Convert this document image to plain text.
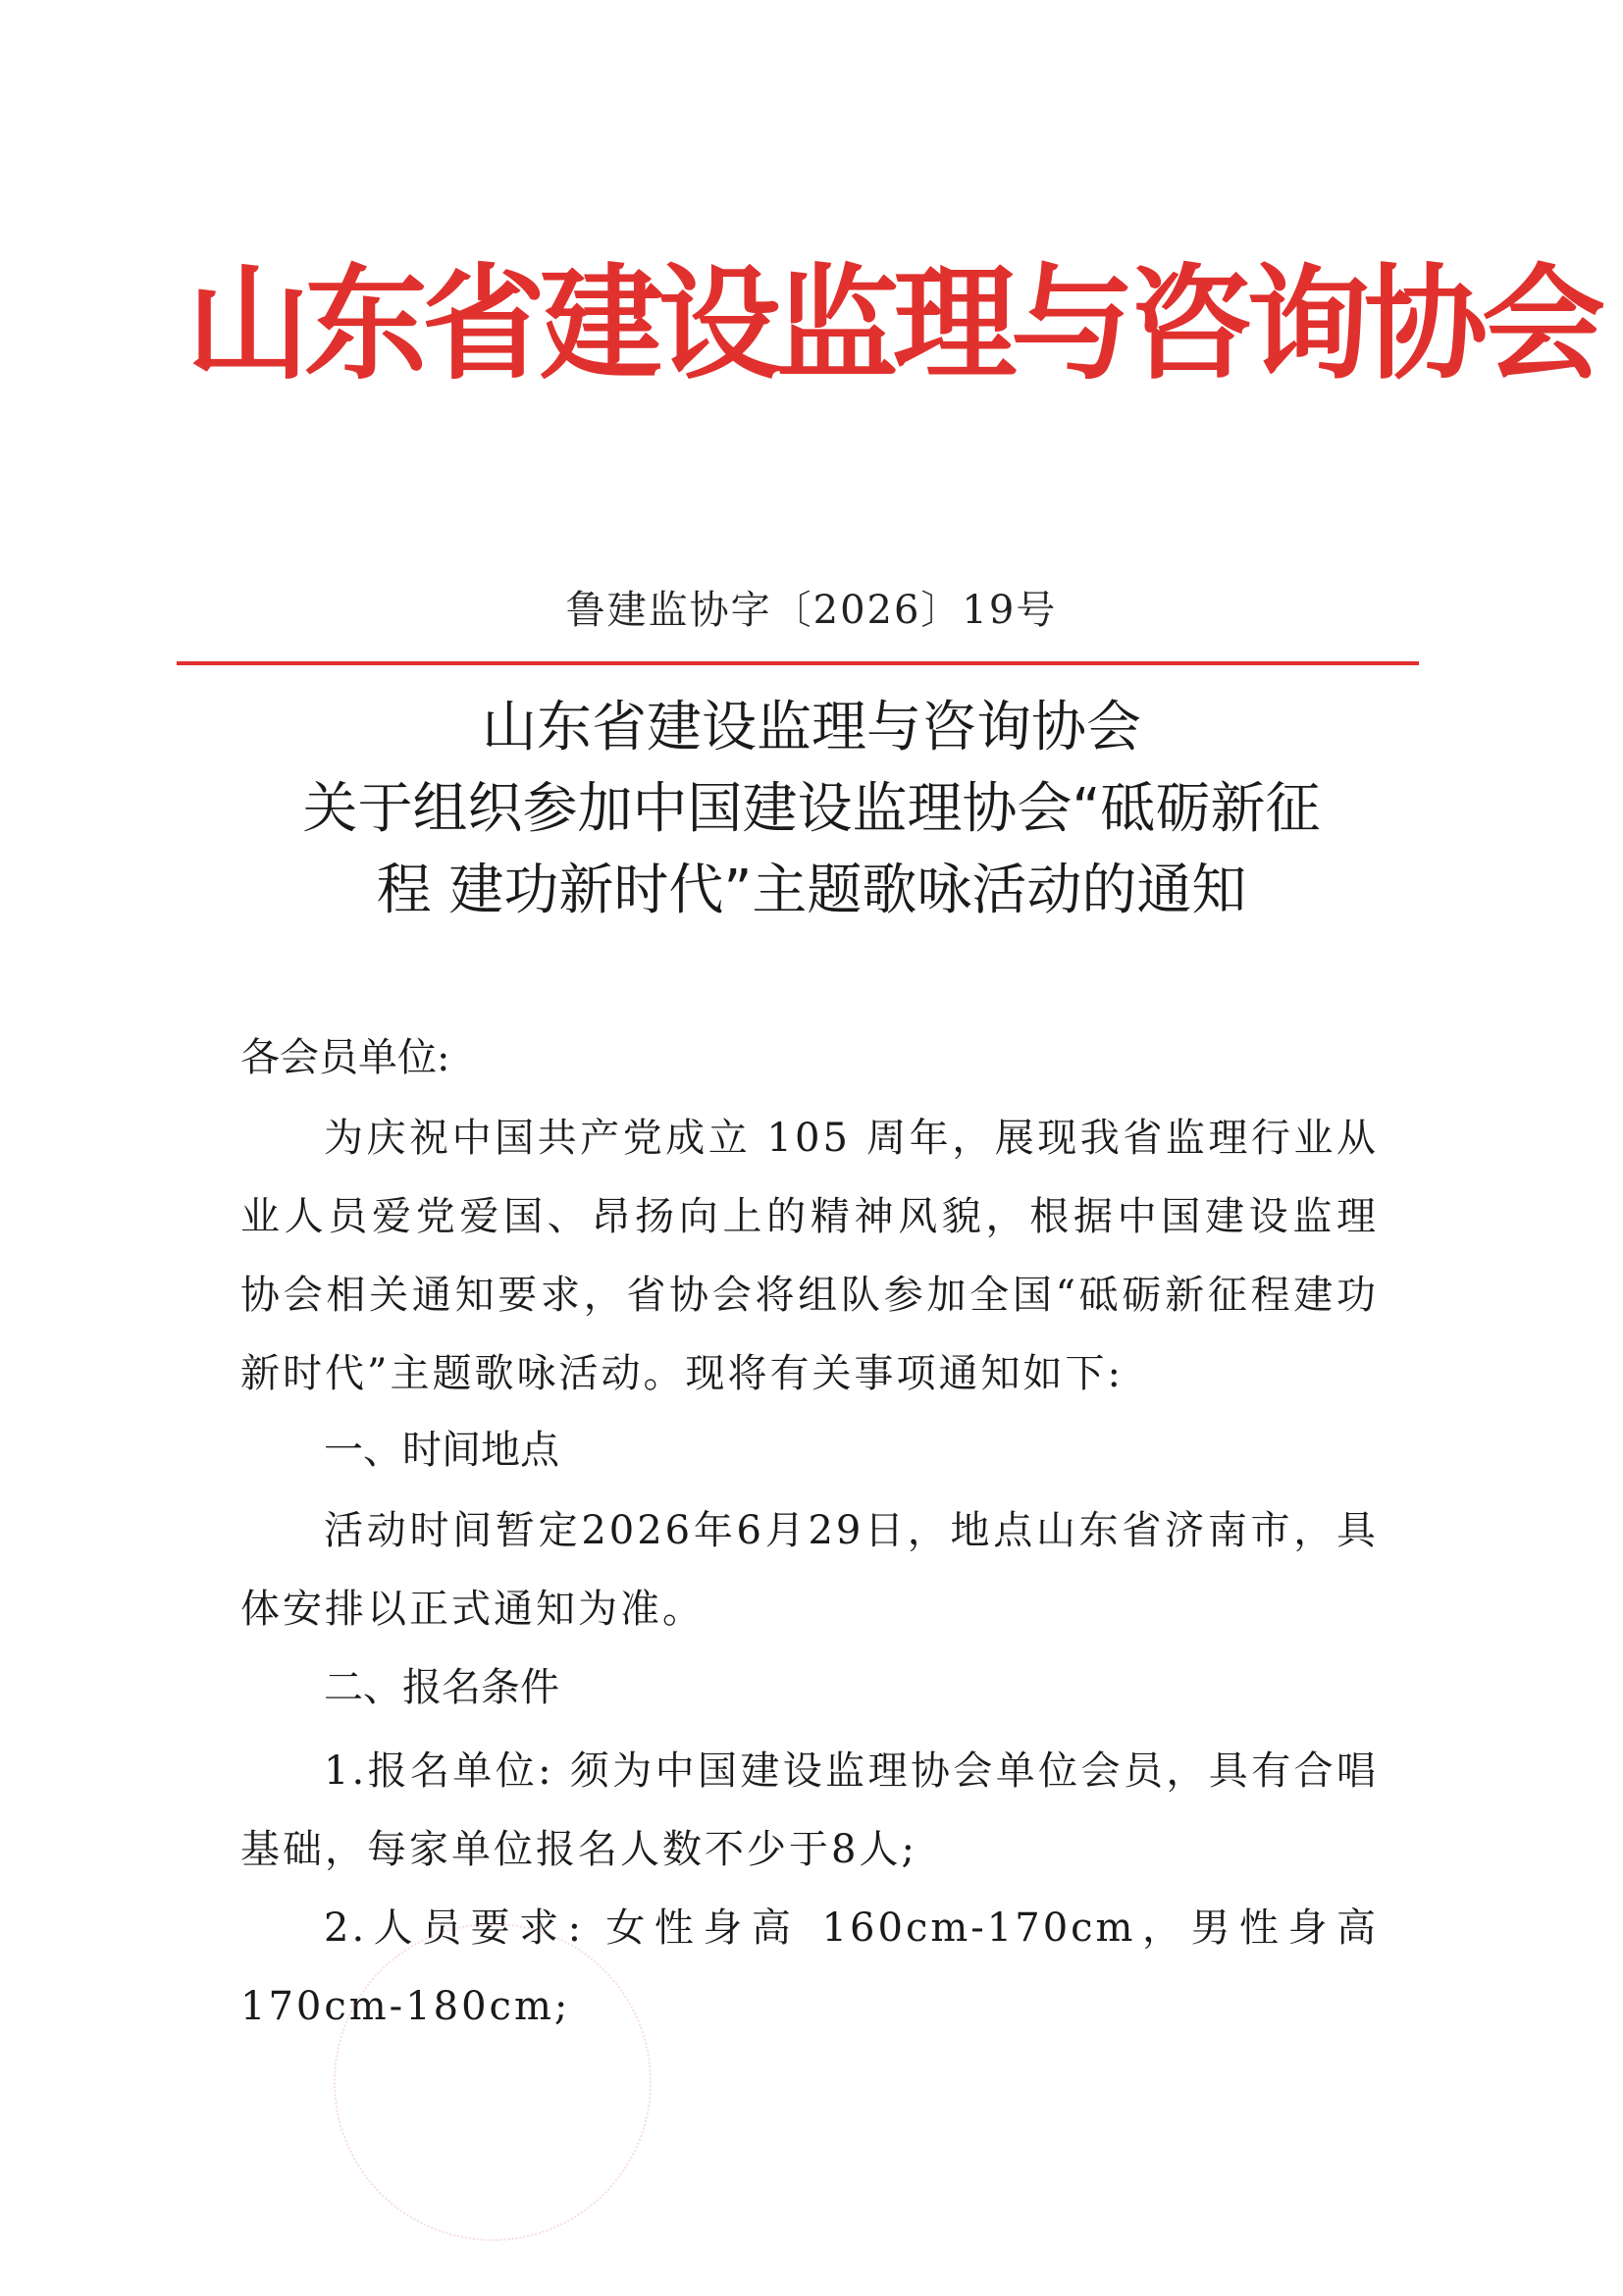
山东省建设监理与咨询协会
鲁建监协字〔2026〕19号
山东省建设监理与咨询协会
关于组织参加中国建设监理协会“砥砺新征
程 建功新时代”主题歌咏活动的通知
各会员单位:
为庆祝中国共产党成立 105 周年，展现我省监理行业从业人员爱党爱国、昂扬向上的精神风貌，根据中国建设监理协会相关通知要求，省协会将组队参加全国“砥砺新征程建功新时代”主题歌咏活动。现将有关事项通知如下:
一、时间地点
活动时间暂定2026年6月29日，地点山东省济南市，具体安排以正式通知为准。
二、报名条件
1.报名单位: 须为中国建设监理协会单位会员，具有合唱基础，每家单位报名人数不少于8人;
2.人员要求: 女性身高 160cm-170cm，男性身高 170cm-180cm;
